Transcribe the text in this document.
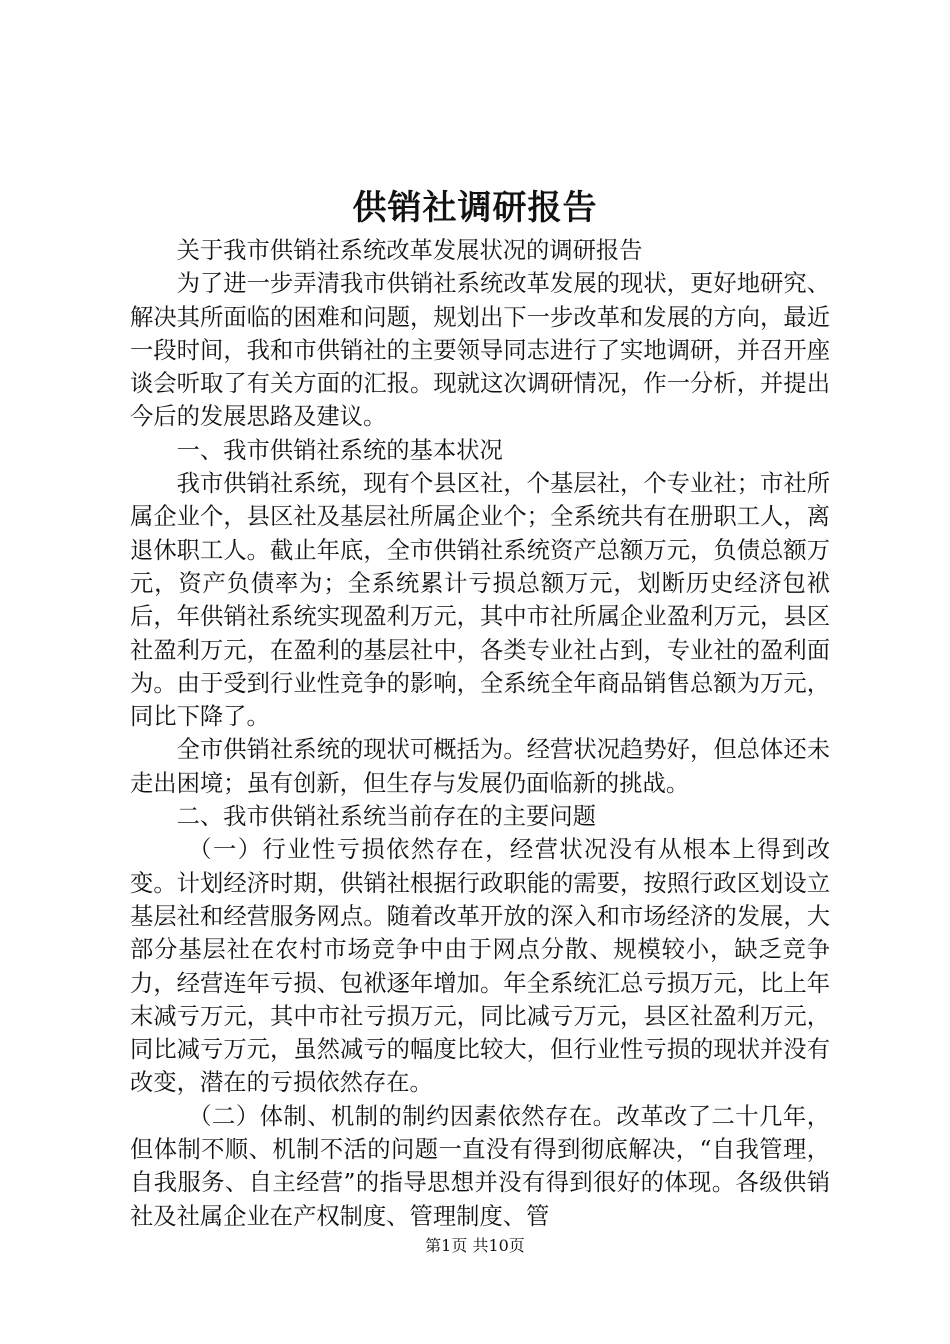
供销社调研报告

关于我市供销社系统改革发展状况的调研报告

为了进一步弄清我市供销社系统改革发展的现状，更好地研究、解决其所面临的困难和问题，规划出下一步改革和发展的方向，最近一段时间，我和市供销社的主要领导同志进行了实地调研，并召开座谈会听取了有关方面的汇报。现就这次调研情况，作一分析，并提出今后的发展思路及建议。

一、我市供销社系统的基本状况

我市供销社系统，现有个县区社，个基层社，个专业社；市社所属企业个，县区社及基层社所属企业个；全系统共有在册职工人，离退休职工人。截止年底，全市供销社系统资产总额万元，负债总额万元，资产负债率为；全系统累计亏损总额万元，划断历史经济包袱后，年供销社系统实现盈利万元，其中市社所属企业盈利万元，县区社盈利万元，在盈利的基层社中，各类专业社占到，专业社的盈利面为。由于受到行业性竞争的影响，全系统全年商品销售总额为万元，同比下降了。

全市供销社系统的现状可概括为。经营状况趋势好，但总体还未走出困境；虽有创新，但生存与发展仍面临新的挑战。

二、我市供销社系统当前存在的主要问题

（一）行业性亏损依然存在，经营状况没有从根本上得到改变。计划经济时期，供销社根据行政职能的需要，按照行政区划设立基层社和经营服务网点。随着改革开放的深入和市场经济的发展，大部分基层社在农村市场竞争中由于网点分散、规模较小，缺乏竞争力，经营连年亏损、包袱逐年增加。年全系统汇总亏损万元，比上年末减亏万元，其中市社亏损万元，同比减亏万元，县区社盈利万元，同比减亏万元，虽然减亏的幅度比较大，但行业性亏损的现状并没有改变，潜在的亏损依然存在。

（二）体制、机制的制约因素依然存在。改革改了二十几年，但体制不顺、机制不活的问题一直没有得到彻底解决，“自我管理，自我服务、自主经营”的指导思想并没有得到很好的体现。各级供销社及社属企业在产权制度、管理制度、管

第1页 共10页
